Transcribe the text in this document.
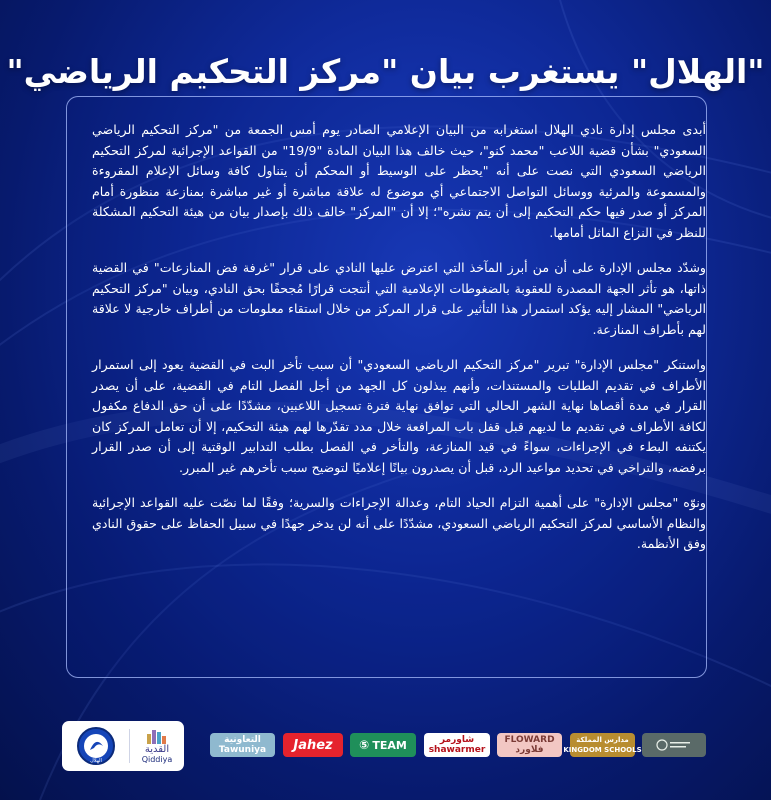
"الهلال" يستغرب بيان "مركز التحكيم الرياضي"

أبدى مجلس إدارة نادي الهلال استغرابه من البيان الإعلامي الصادر يوم أمس الجمعة من "مركز التحكيم الرياضي السعودي" بشأن قضية اللاعب "محمد كنو"، حيث خالف هذا البيان المادة "19/9" من القواعد الإجرائية لمركز التحكيم الرياضي السعودي التي نصت على أنه "يحظر على الوسيط أو المحكم أن يتناول كافة وسائل الإعلام المقروءة والمسموعة والمرئية ووسائل التواصل الاجتماعي أي موضوع له علاقة مباشرة أو غير مباشرة بمنازعة منظورة أمام المركز أو صدر فيها حكم التحكيم إلى أن يتم نشره"؛ إلا أن "المركز" خالف ذلك بإصدار بيان من هيئة التحكيم المشكلة للنظر في النزاع الماثل أمامها.

وشدّد مجلس الإدارة على أن من أبرز المآخذ التي اعترض عليها النادي على قرار "غرفة فض المنازعات" في القضية ذاتها، هو تأثر الجهة المصدرة للعقوبة بالضغوطات الإعلامية التي أنتجت قرارًا مُجحفًا بحق النادي، وبيان "مركز التحكيم الرياضي" المشار إليه يؤكد استمرار هذا التأثير على قرار المركز من خلال استقاء معلومات من أطراف خارجية لا علاقة لهم بأطراف المنازعة.

واستنكر "مجلس الإدارة" تبرير "مركز التحكيم الرياضي السعودي" أن سبب تأخر البت في القضية يعود إلى استمرار الأطراف في تقديم الطلبات والمستندات، وأنهم يبذلون كل الجهد من أجل الفصل التام في القضية، على أن يصدر القرار في مدة أقصاها نهاية الشهر الحالي التي توافق نهاية فترة تسجيل اللاعبين، مشدّدًا على أن حق الدفاع مكفول لكافة الأطراف في تقديم ما لديهم قبل قفل باب المرافعة خلال مدد تقدّرها لهم هيئة التحكيم، إلا أن تعامل المركز كان يكتنفه البطء في الإجراءات، سواءً في قيد المنازعة، والتأخر في الفصل بطلب التدابير الوقتية إلى أن صدر القرار برفضه، والتراخي في تحديد مواعيد الرد، قبل أن يصدرون بيانًا إعلاميًا لتوضيح سبب تأخرهم غير المبرر.

ونوّه "مجلس الإدارة" على أهمية التزام الحياد التام، وعدالة الإجراءات والسرية؛ وفقًا لما نصّت عليه القواعد الإجرائية والنظام الأساسي لمركز التحكيم الرياضي السعودي، مشدّدًا على أنه لن يدخر جهدًا في سبيل الحفاظ على حقوق النادي وفق الأنظمة.

الهلال
القدية
Qiddiya
التعاونية
Tawuniya Jahez ⑤ TEAM	شاورمر
shawarmer
FLOWARD
فلاورد
مدارس المملكة
KINGDOM SCHOOLS
